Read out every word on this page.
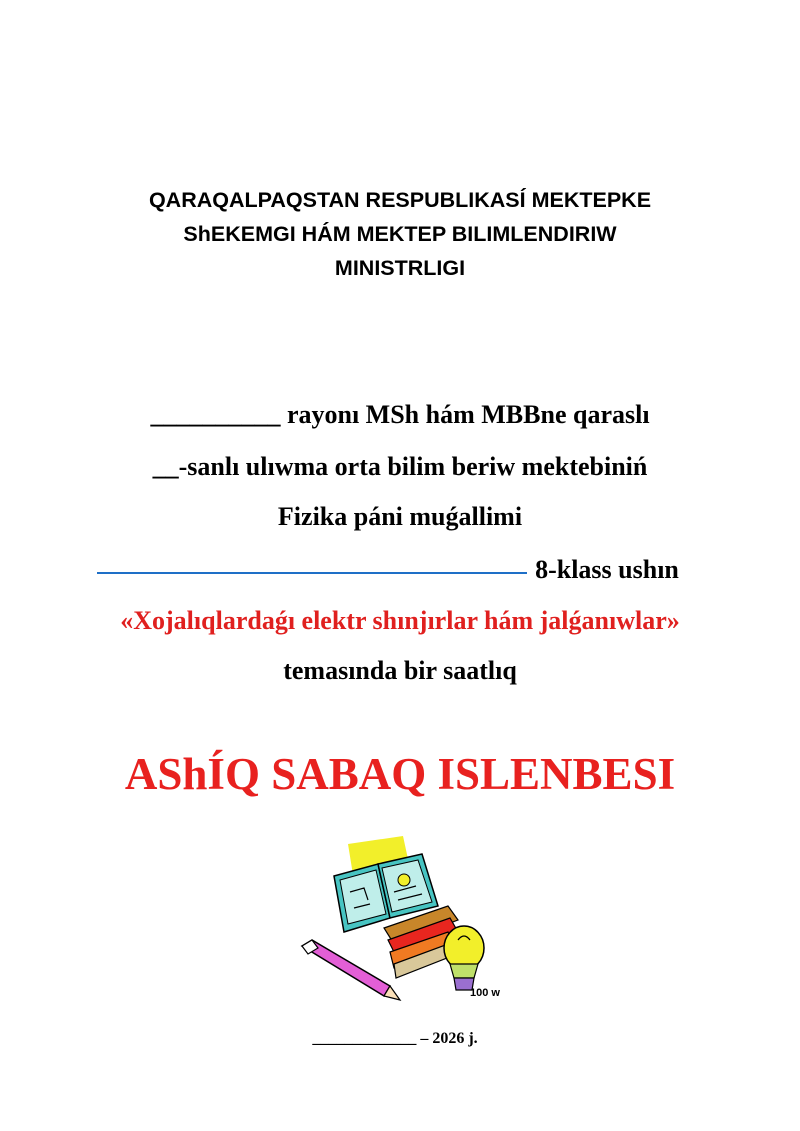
QARAQALPAQSTAN RESPUBLIKASÍ MEKTEPKE
ShEKEMGI HÁM MEKTEP BILIMLENDIRIW
MINISTRLIGI
__________ rayonı MSh hám MBBne qaraslı
__-sanlı ulıwma orta bilim beriw mektebiniń
Fizika páni muǵallimi
8-klass ushın
«Xojalıqlardaǵı elektr shınjırlar hám jalǵanıwlar»
temasında bir saatlıq
AShÍQ SABAQ ISLENBESI
100 w
_____________ – 2026 j.
